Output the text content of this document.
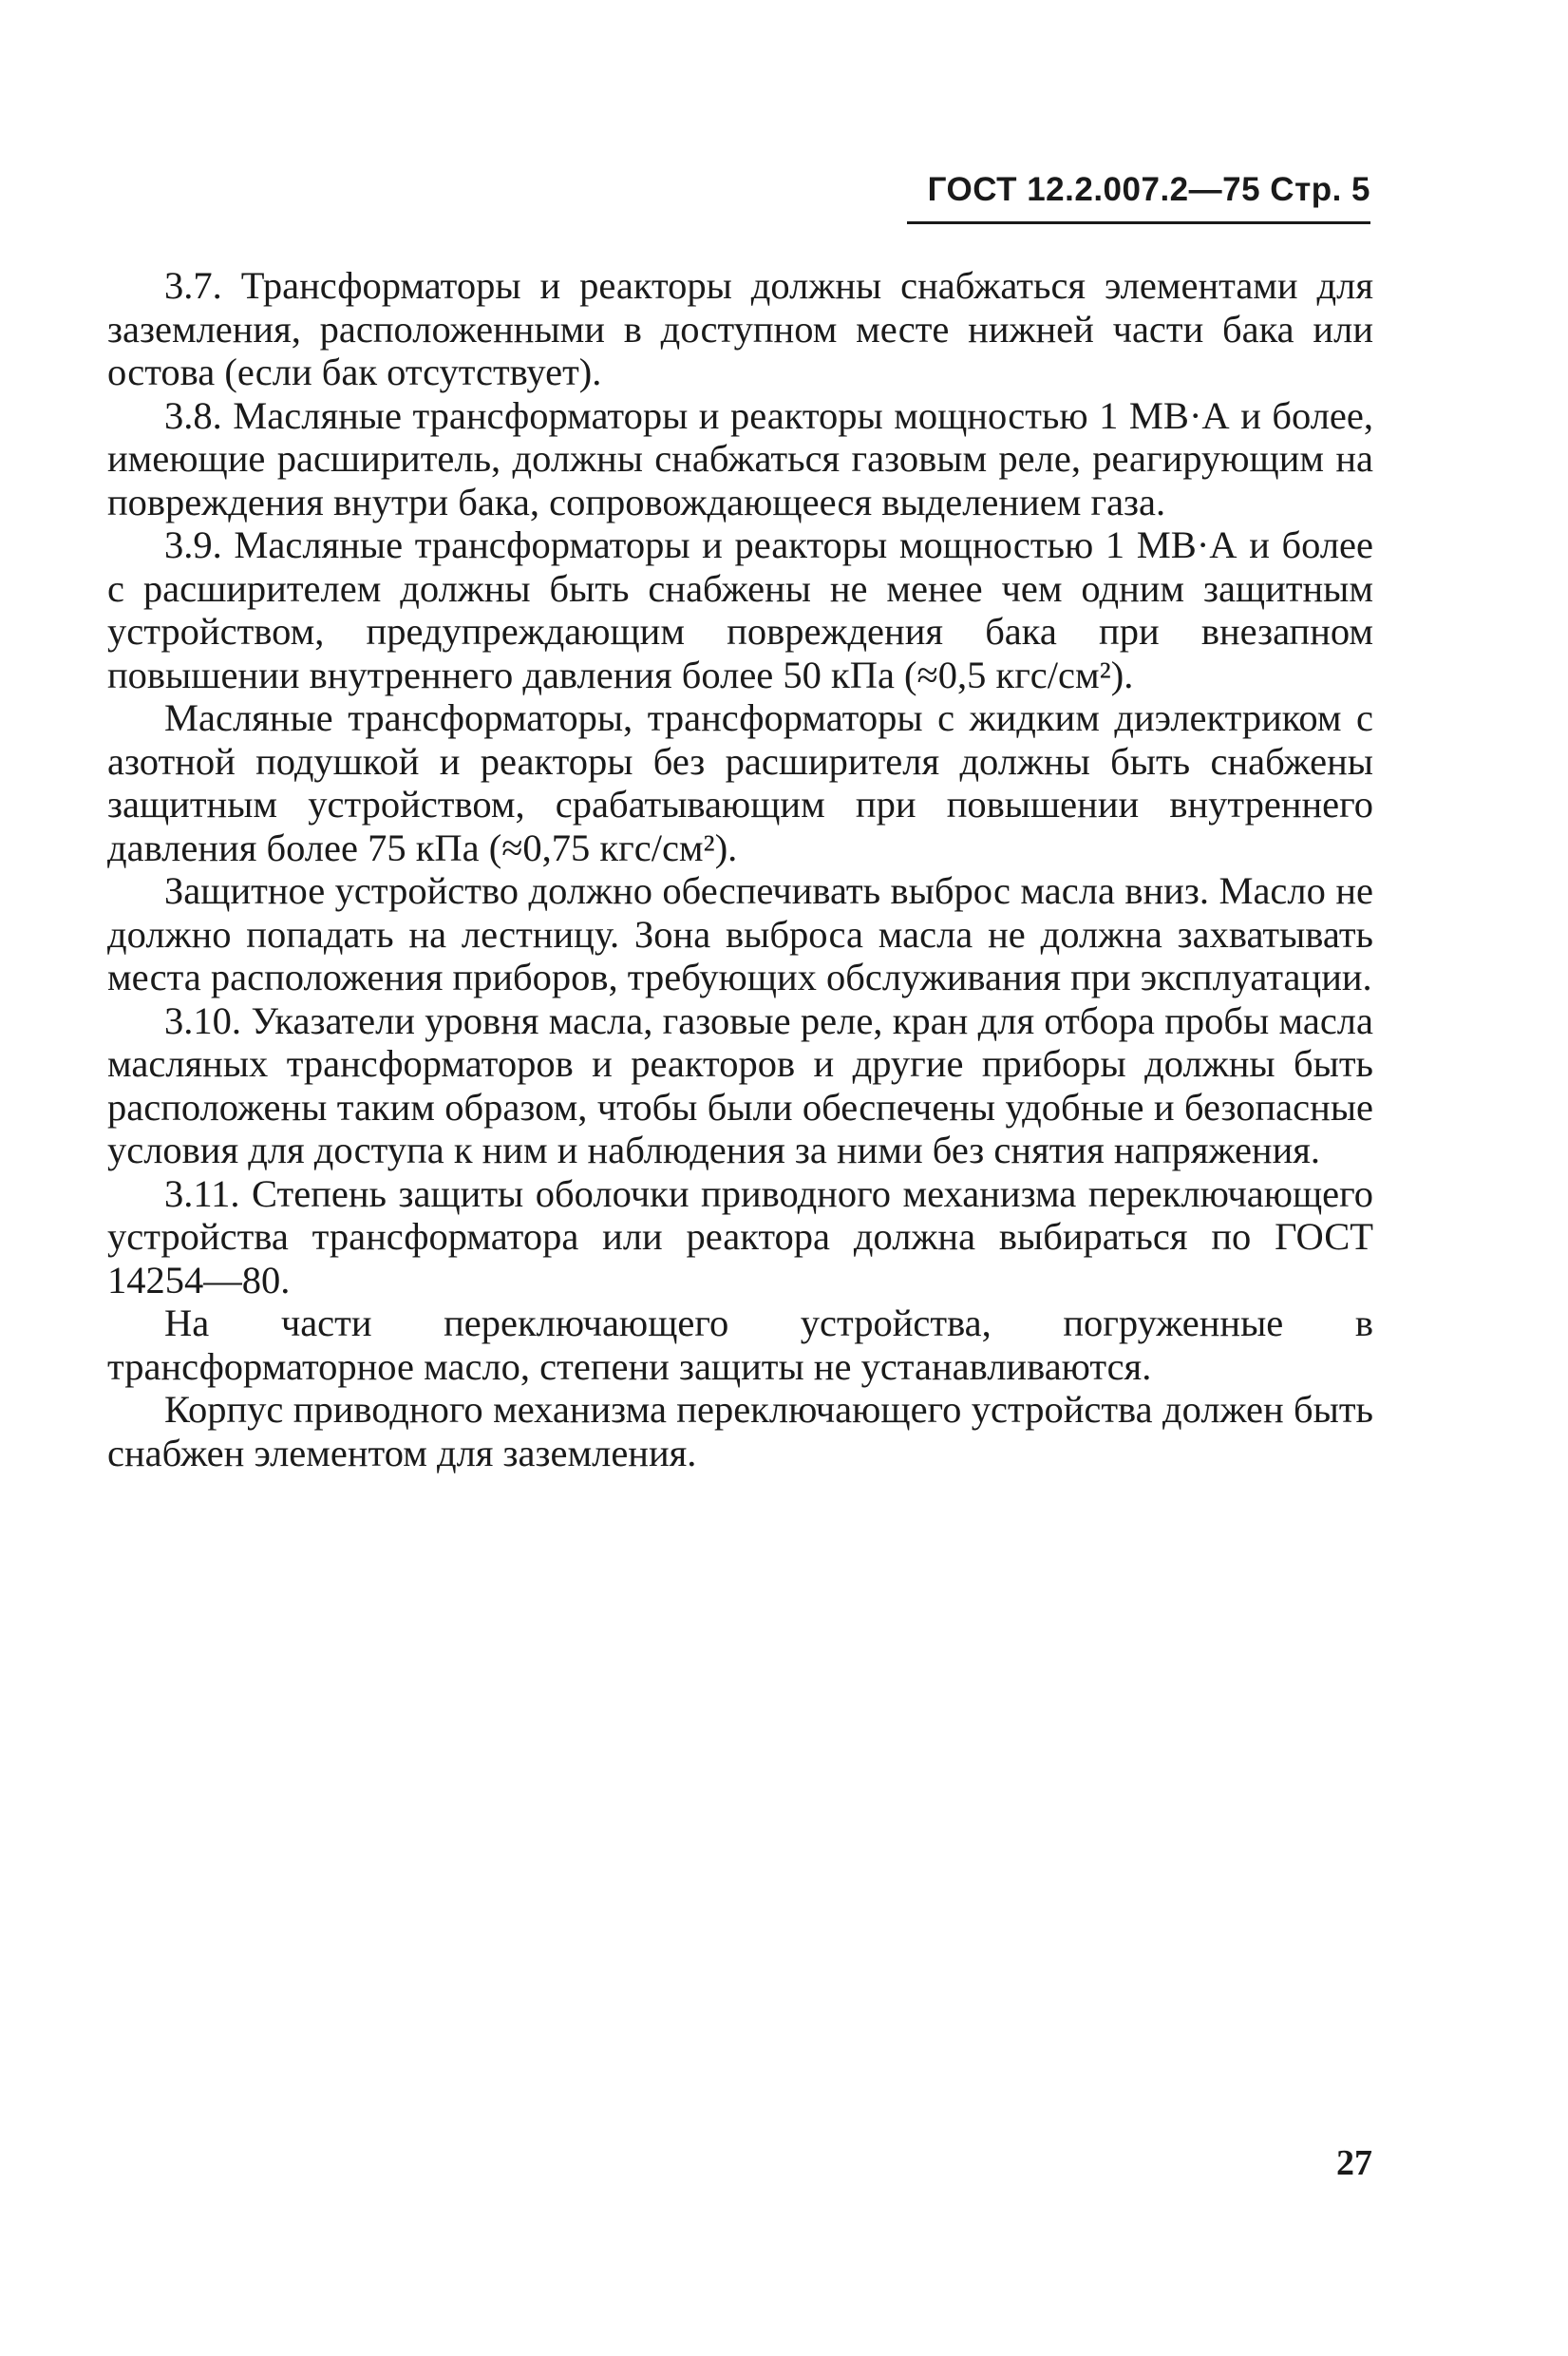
ГОСТ 12.2.007.2—75 Стр. 5

3.7. Трансформаторы и реакторы должны снабжаться элементами для заземления, расположенными в доступном месте нижней части бака или остова (если бак отсутствует).

3.8. Масляные трансформаторы и реакторы мощностью 1 МВ·А и более, имеющие расширитель, должны снабжаться газовым реле, реагирующим на повреждения внутри бака, сопровождающееся выделением газа.

3.9. Масляные трансформаторы и реакторы мощностью 1 МВ·А и более с расширителем должны быть снабжены не менее чем одним защитным устройством, предупреждающим повреждения бака при внезапном повышении внутреннего давления более 50 кПа (≈0,5 кгс/см²).

Масляные трансформаторы, трансформаторы с жидким диэлектриком с азотной подушкой и реакторы без расширителя должны быть снабжены защитным устройством, срабатывающим при повышении внутреннего давления более 75 кПа (≈0,75 кгс/см²).

Защитное устройство должно обеспечивать выброс масла вниз. Масло не должно попадать на лестницу. Зона выброса масла не должна захватывать места расположения приборов, требующих обслуживания при эксплуатации.

3.10. Указатели уровня масла, газовые реле, кран для отбора пробы масла масляных трансформаторов и реакторов и другие приборы должны быть расположены таким образом, чтобы были обеспечены удобные и безопасные условия для доступа к ним и наблюдения за ними без снятия напряжения.

3.11. Степень защиты оболочки приводного механизма переключающего устройства трансформатора или реактора должна выбираться по ГОСТ 14254—80.

На части переключающего устройства, погруженные в трансформаторное масло, степени защиты не устанавливаются.

Корпус приводного механизма переключающего устройства должен быть снабжен элементом для заземления.

27
